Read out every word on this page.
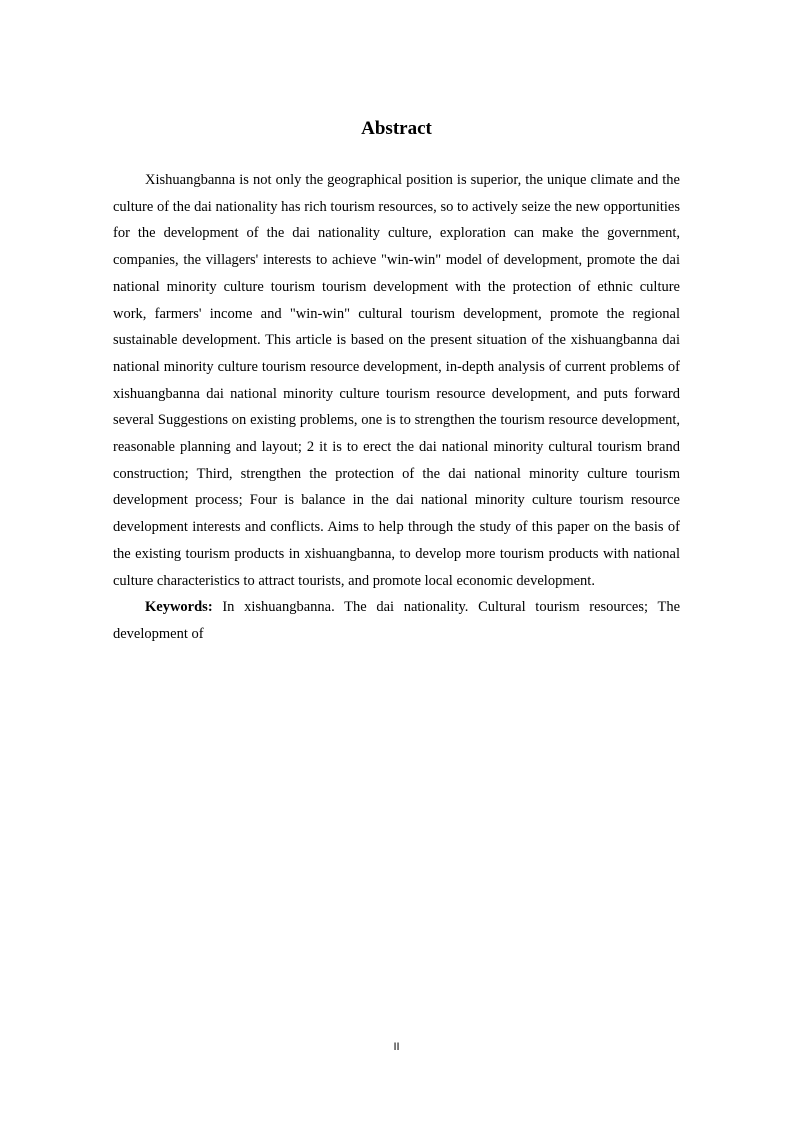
Abstract

Xishuangbanna is not only the geographical position is superior, the unique climate and the culture of the dai nationality has rich tourism resources, so to actively seize the new opportunities for the development of the dai nationality culture, exploration can make the government, companies, the villagers' interests to achieve "win-win" model of development, promote the dai national minority culture tourism tourism development with the protection of ethnic culture work, farmers' income and "win-win" cultural tourism development, promote the regional sustainable development. This article is based on the present situation of the xishuangbanna dai national minority culture tourism resource development, in-depth analysis of current problems of xishuangbanna dai national minority culture tourism resource development, and puts forward several Suggestions on existing problems, one is to strengthen the tourism resource development, reasonable planning and layout; 2 it is to erect the dai national minority cultural tourism brand construction; Third, strengthen the protection of the dai national minority culture tourism development process; Four is balance in the dai national minority culture tourism resource development interests and conflicts. Aims to help through the study of this paper on the basis of the existing tourism products in xishuangbanna, to develop more tourism products with national culture characteristics to attract tourists, and promote local economic development.

Keywords: In xishuangbanna. The dai nationality. Cultural tourism resources; The development of

II
